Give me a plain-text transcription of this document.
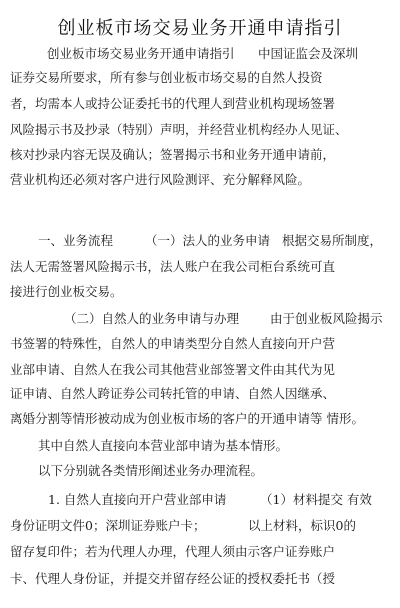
创业板市场交易业务开通申请指引
创业板市场交易业务开通申请指引 中国证监会及深圳
证券交易所要求，所有参与创业板市场交易的自然人投资
者，均需本人或持公证委托书的代理人到营业机构现场签署
风险揭示书及抄录（特别）声明，并经营业机构经办人见证、
核对抄录内容无误及确认；签署揭示书和业务开通申请前，
营业机构还必须对客户进行风险测评、充分解释风险。
一、业务流程	（一）法人的业务申请 根据交易所制度，
法人无需签署风险揭示书，法人账户在我公司柜台系统可直
接进行创业板交易。
（二）自然人的业务申请与办理 由于创业板风险揭示
书签署的特殊性，自然人的申请类型分自然人直接向开户营
业部申请、自然人在我公司其他营业部签署文件由其代为见
证申请、自然人跨证券公司转托管的申请、自然人因继承、
离婚分割等情形被动成为创业板市场的客户的开通申请等 情形。
其中自然人直接向本营业部申请为基本情形。
以下分别就各类情形阐述业务办理流程。
1. 自然人直接向开户营业部申请	（1）材料提交 有效
身份证明文件0；深圳证券账户卡；	以上材料，标识0的
留存复印件；若为代理人办理，代理人须由示客户证券账户
卡、代理人身份证，并提交并留存经公证的授权委托书（授
